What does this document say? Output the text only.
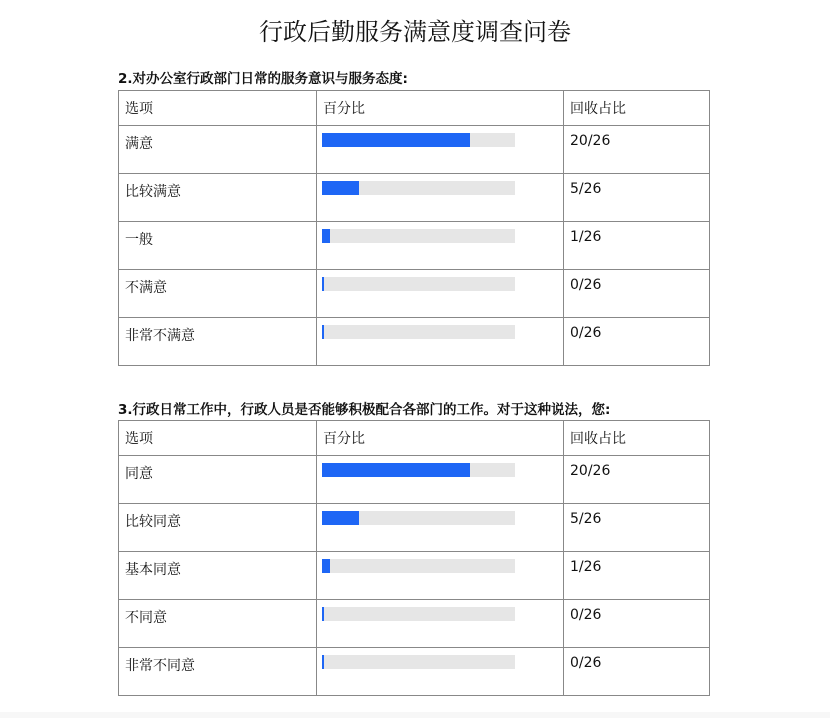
行政后勤服务满意度调查问卷
2.对办公室行政部门日常的服务意识与服务态度:
选项	百分比	回收占比
满意		20/26
比较满意		5/26
一般		1/26
不满意		0/26
非常不满意		0/26
3.行政日常工作中，行政人员是否能够积极配合各部门的工作。对于这种说法，您:
选项	百分比	回收占比
同意		20/26
比较同意		5/26
基本同意		1/26
不同意		0/26
非常不同意		0/26
